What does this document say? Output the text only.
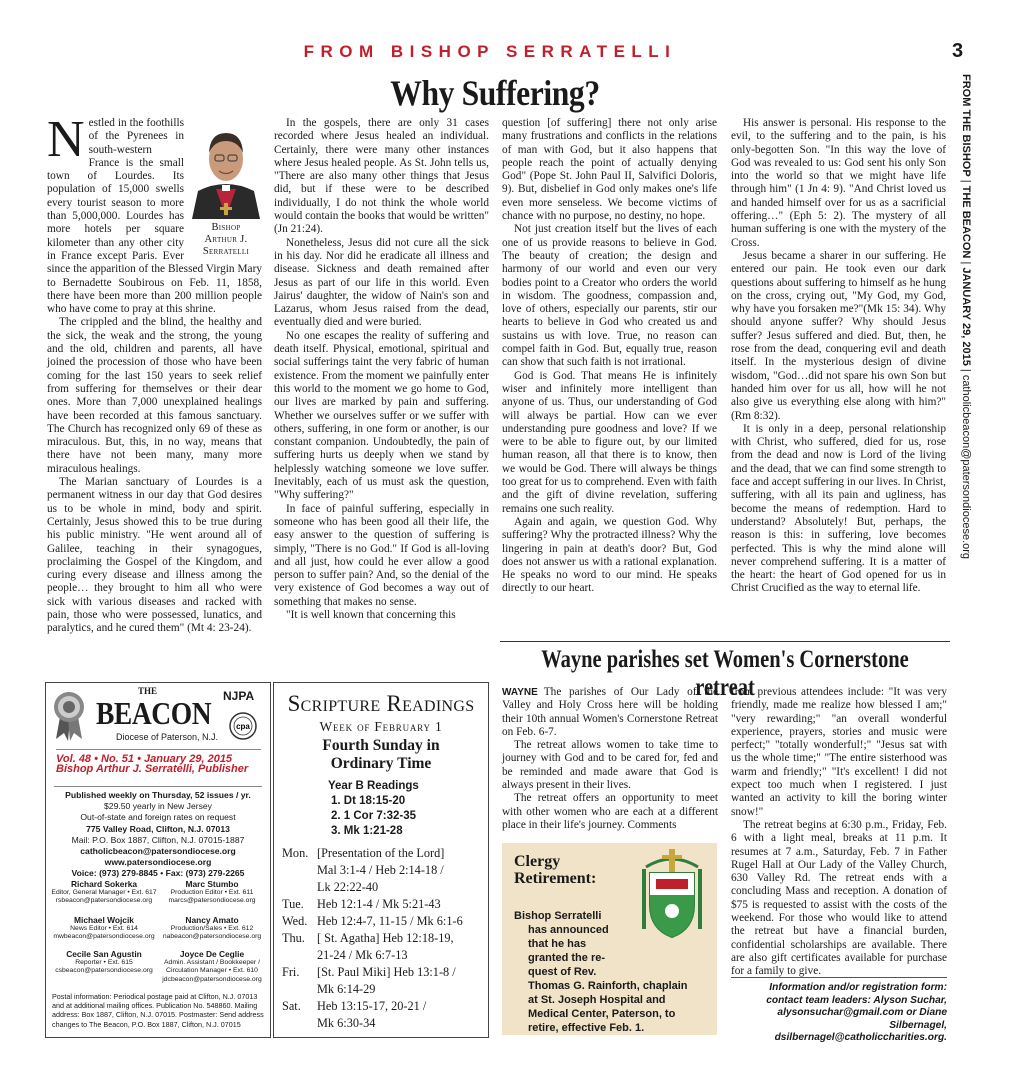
FROM BISHOP SERRATELLI	3
Why Suffering?	FROM THE BISHOP | THE BEACON | JANUARY 29, 2015 | catholicbeacon@patersondiocese.org
Bishop
Arthur J.
Serratelli

Nestled in the foothills of the Pyrenees in south-western France is the small town of Lourdes. Its population of 15,000 swells every tourist season to more than 5,000,000. Lourdes has more hotels per square kilometer than any other city in France except Paris. Ever since the apparition of the Blessed Virgin Mary to Bernadette Soubirous on Feb. 11, 1858, there have been more than 200 million people who have come to pray at this shrine.

The crippled and the blind, the healthy and the sick, the weak and the strong, the young and the old, children and parents, all have joined the procession of those who have been coming for the last 150 years to seek relief from suffering for themselves or their dear ones. More than 7,000 unexplained healings have been recorded at this famous sanctuary. The Church has recognized only 69 of these as miraculous. But, this, in no way, means that there have not been many, many more miraculous healings.

The Marian sanctuary of Lourdes is a permanent witness in our day that God desires us to be whole in mind, body and spirit. Certainly, Jesus showed this to be true during his public ministry. "He went around all of Galilee, teaching in their synagogues, proclaiming the Gospel of the Kingdom, and curing every disease and illness among the people… they brought to him all who were sick with various diseases and racked with pain, those who were possessed, lunatics, and paralytics, and he cured them" (Mt 4: 23-24).

In the gospels, there are only 31 cases recorded where Jesus healed an individual. Certainly, there were many other instances where Jesus healed people. As St. John tells us, "There are also many other things that Jesus did, but if these were to be described individually, I do not think the whole world would contain the books that would be written" (Jn 21:24).

Nonetheless, Jesus did not cure all the sick in his day. Nor did he eradicate all illness and disease. Sickness and death remained after Jesus as part of our life in this world. Even Jairus' daughter, the widow of Nain's son and Lazarus, whom Jesus raised from the dead, eventually died and were buried.

No one escapes the reality of suffering and death itself. Physical, emotional, spiritual and social sufferings taint the very fabric of human existence. From the moment we painfully enter this world to the moment we go home to God, our lives are marked by pain and suffering. Whether we ourselves suffer or we suffer with others, suffering, in one form or another, is our constant companion. Undoubtedly, the pain of suffering hurts us deeply when we stand by helplessly watching someone we love suffer. Inevitably, each of us must ask the question, "Why suffering?"

In face of painful suffering, especially in someone who has been good all their life, the easy answer to the question of suffering is simply, "There is no God." If God is all-loving and all just, how could he ever allow a good person to suffer pain? And, so the denial of the very existence of God becomes a way out of something that makes no sense.

"It is well known that concerning this

question [of suffering] there not only arise many frustrations and conflicts in the relations of man with God, but it also happens that people reach the point of actually denying God" (Pope St. John Paul II, Salvifici Doloris, 9). But, disbelief in God only makes one's life even more senseless. We become victims of chance with no purpose, no destiny, no hope.

Not just creation itself but the lives of each one of us provide reasons to believe in God. The beauty of creation; the design and harmony of our world and even our very bodies point to a Creator who orders the world in wisdom. The goodness, compassion and, love of others, especially our parents, stir our hearts to believe in God who created us and sustains us with love. True, no reason can compel faith in God. But, equally true, reason can show that such faith is not irrational.

God is God. That means He is infinitely wiser and infinitely more intelligent than anyone of us. Thus, our understanding of God will always be partial. How can we ever understanding pure goodness and love? If we were to be able to figure out, by our limited human reason, all that there is to know, then we would be God. There will always be things too great for us to comprehend. Even with faith and the gift of divine revelation, suffering remains one such reality.

Again and again, we question God. Why suffering? Why the protracted illness? Why the lingering in pain at death's door? But, God does not answer us with a rational explanation. He speaks no word to our mind. He speaks directly to our heart.

His answer is personal. His response to the evil, to the suffering and to the pain, is his only-begotten Son. "In this way the love of God was revealed to us: God sent his only Son into the world so that we might have life through him" (1 Jn 4: 9). "And Christ loved us and handed himself over for us as a sacrificial offering…" (Eph 5: 2). The mystery of all human suffering is one with the mystery of the Cross.

Jesus became a sharer in our suffering. He entered our pain. He took even our dark questions about suffering to himself as he hung on the cross, crying out, "My God, my God, why have you forsaken me?"(Mk 15: 34). Why should anyone suffer? Why should Jesus suffer? Jesus suffered and died. But, then, he rose from the dead, conquering evil and death itself. In the mysterious design of divine wisdom, "God…did not spare his own Son but handed him over for us all, how will he not also give us everything else along with him?"(Rm 8:32).

It is only in a deep, personal relationship with Christ, who suffered, died for us, rose from the dead and now is Lord of the living and the dead, that we can find some strength to face and accept suffering in our lives. In Christ, suffering, with all its pain and ugliness, has become the means of redemption. Hard to understand? Absolutely! But, perhaps, the reason is this: in suffering, love becomes perfected. This is why the mind alone will never comprehend suffering. It is a matter of the heart: the heart of God opened for us in Christ Crucified as the way to eternal life.

Wayne parishes set Women's Cornerstone retreat

WAYNE The parishes of Our Lady of the Valley and Holy Cross here will be holding their 10th annual Women's Cornerstone Retreat on Feb. 6-7.

The retreat allows women to take time to journey with God and to be cared for, fed and be reminded and made aware that God is always present in their lives.

The retreat offers an opportunity to meet with other women who are each at a different place in their life's journey. Comments

from previous attendees include: "It was very friendly, made me realize how blessed I am;" "very rewarding;" "an overall wonderful experience, prayers, stories and music were perfect;" "totally wonderful!;" "Jesus sat with us the whole time;" "The entire sisterhood was warm and friendly;" "It's excellent! I did not expect too much when I registered. I just wanted an activity to kill the boring winter snow!"

The retreat begins at 6:30 p.m., Friday, Feb. 6 with a light meal, breaks at 11 p.m. It resumes at 7 a.m., Saturday, Feb. 7 in Father Rugel Hall at Our Lady of the Valley Church, 630 Valley Rd. The retreat ends with a concluding Mass and reception. A donation of $75 is requested to assist with the costs of the weekend. For those who would like to attend the retreat but have a financial burden, confidential scholarships are available. There are also gift certificates available for purchase for a family to give.

Information and/or registration form: contact team leaders: Alyson Suchar, alysonsuchar@gmail.com or Diane Silbernagel, dsilbernagel@catholiccharities.org.
Clergy
Retirement:
Bishop Serratelli
has announced
that he has
granted the re-
quest of Rev.
Thomas G. Rainforth, chaplain
at St. Joseph Hospital and
Medical Center, Paterson, to
retire, effective Feb. 1.
THE
BEACON NJPA
cpa
Diocese of Paterson, N.J.
Vol. 48 • No. 51 • January 29, 2015
Bishop Arthur J. Serratelli, Publisher
Published weekly on Thursday, 52 issues / yr.
$29.50 yearly in New Jersey
Out-of-state and foreign rates on request
775 Valley Road, Clifton, N.J. 07013
Mail: P.O. Box 1887, Clifton, N.J. 07015-1887
catholicbeacon@patersondiocese.org
www.patersondiocese.org
Voice: (973) 279-8845 • Fax: (973) 279-2265
Richard Sokerka
Editor, General Manager • Ext. 617
rsbeacon@patersondiocese.org
Marc Stumbo
Production Editor • Ext. 611
marcs@patersondiocese.org
Michael Wojcik
News Editor • Ext. 614
mwbeacon@patersondiocese.org
Nancy Amato
Production/Sales • Ext. 612
nabeacon@patersondiocese.org
Cecile San Agustin
Reporter • Ext. 615
csbeacon@patersondiocese.org
Joyce De Ceglie
Admin. Assistant / Bookkeeper / Circulation Manager • Ext. 610
jdcbeacon@patersondiocese.org
Postal information: Periodical postage paid at Clifton, N.J. 07013 and at additional mailing offices. Publication No. 548860. Mailing address: Box 1887, Clifton, N.J. 07015. Postmaster: Send address changes to The Beacon, P.O. Box 1887, Clifton, N.J. 07015
Scripture Readings
Week of February 1
Fourth Sunday in
Ordinary Time
Year B Readings
1. Dt 18:15-20
2. 1 Cor 7:32-35
3. Mk 1:21-28
Mon. [Presentation of the Lord]
Mal 3:1-4 / Heb 2:14-18 /
Lk 22:22-40
Tue.	Heb 12:1-4 / Mk 5:21-43
Wed. Heb 12:4-7, 11-15 / Mk 6:1-6
Thu. [ St. Agatha] Heb 12:18-19,
21-24 / Mk 6:7-13
Fri.	[St. Paul Miki] Heb 13:1-8 /
Mk 6:14-29
Sat.	Heb 13:15-17, 20-21 /
Mk 6:30-34
